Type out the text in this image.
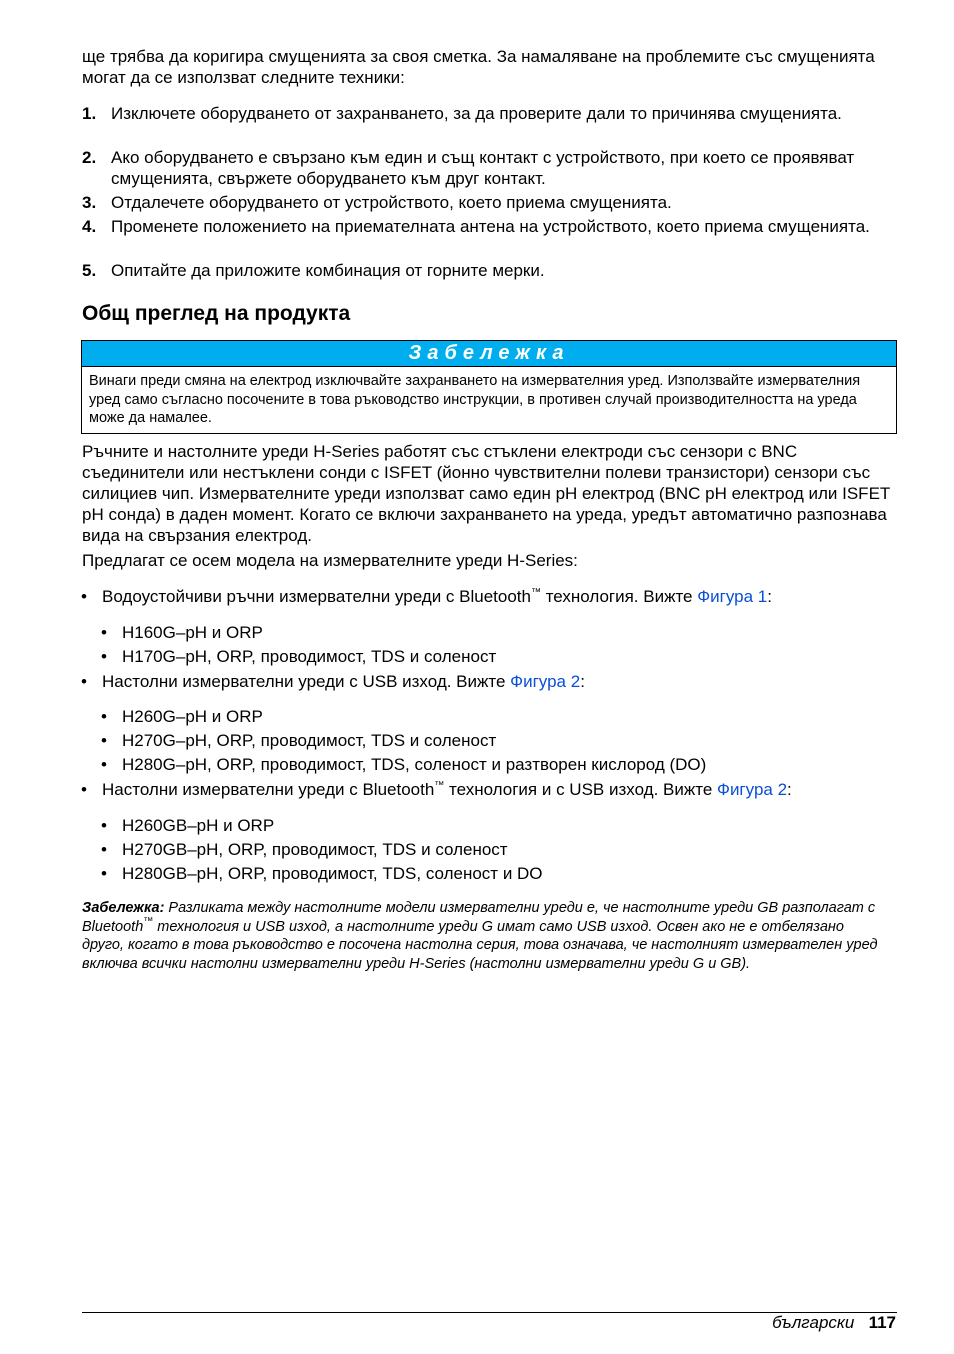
ще трябва да коригира смущенията за своя сметка. За намаляване на проблемите със смущенията могат да се използват следните техники:
1. Изключете оборудването от захранването, за да проверите дали то причинява смущенията.
2. Ако оборудването е свързано към един и същ контакт с устройството, при което се проявяват смущенията, свържете оборудването към друг контакт.
3. Отдалечете оборудването от устройството, което приема смущенията.
4. Променете положението на приемателната антена на устройството, което приема смущенията.
5. Опитайте да приложите комбинация от горните мерки.
Общ преглед на продукта
Забележка
Винаги преди смяна на електрод изключвайте захранването на измервателния уред. Използвайте измервателния уред само съгласно посочените в това ръководство инструкции, в противен случай производителността на уреда може да намалее.
Ръчните и настолните уреди H-Series работят със стъклени електроди със сензори с BNC съединители или нестъклени сонди с ISFET (йонно чувствителни полеви транзистори) сензори със силициев чип. Измервателните уреди използват само един pH електрод (BNC pH електрод или ISFET pH сонда) в даден момент. Когато се включи захранването на уреда, уредът автоматично разпознава вида на свързания електрод.
Предлагат се осем модела на измервателните уреди H-Series:
• Водоустойчиви ръчни измервателни уреди с Bluetooth™ технология. Вижте Фигура 1:
• H160G–pH и ORP
• H170G–pH, ORP, проводимост, TDS и соленост
• Настолни измервателни уреди с USB изход. Вижте Фигура 2:
• H260G–pH и ORP
• H270G–pH, ORP, проводимост, TDS и соленост
• H280G–pH, ORP, проводимост, TDS, соленост и разтворен кислород (DO)
• Настолни измервателни уреди с Bluetooth™ технология и с USB изход. Вижте Фигура 2:
• H260GB–pH и ORP
• H270GB–pH, ORP, проводимост, TDS и соленост
• H280GB–pH, ORP, проводимост, TDS, соленост и DO
Забележка: Разликата между настолните модели измервателни уреди е, че настолните уреди GB разполагат с Bluetooth™ технология и USB изход, а настолните уреди G имат само USB изход. Освен ако не е отбелязано друго, когато в това ръководство е посочена настолна серия, това означава, че настолният измервателен уред включва всички настолни измервателни уреди H-Series (настолни измервателни уреди G и GB).
български 117
